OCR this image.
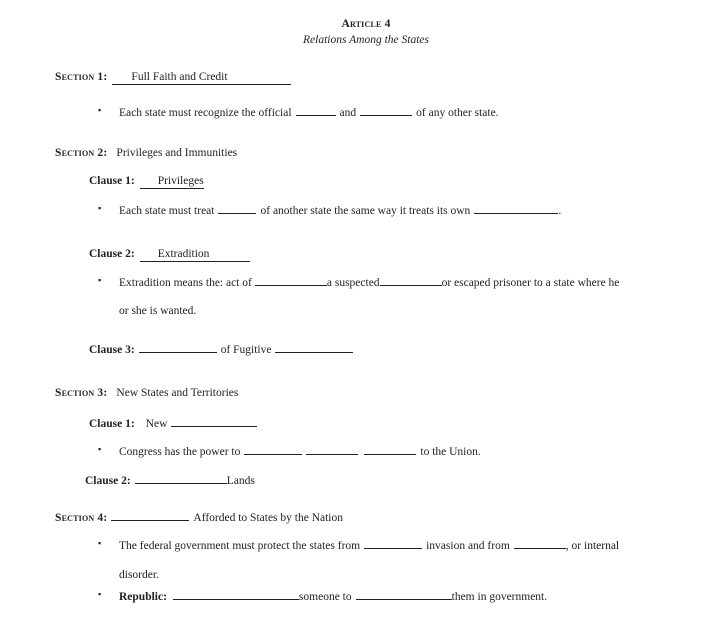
Article 4
Relations Among the States
Section 1:	Full Faith and Credit
▪ Each state must recognize the official	and	of any other state.
Section 2: Privileges and Immunities
Clause 1:	Privileges
▪ Each state must treat	of another state the same way it treats its own	.
Clause 2:	Extradition
▪ Extradition means the: act of	a suspected	or escaped prisoner to a state where he
or she is wanted.
Clause 3:	of Fugitive
Section 3: New States and Territories
Clause 1: New
▪ Congress has the power to	to the Union.
Clause 2:	Lands
Section 4:	Afforded to States by the Nation
▪ The federal government must protect the states from	invasion and from	, or internal
disorder.
▪ Republic:	someone to	them in government.
